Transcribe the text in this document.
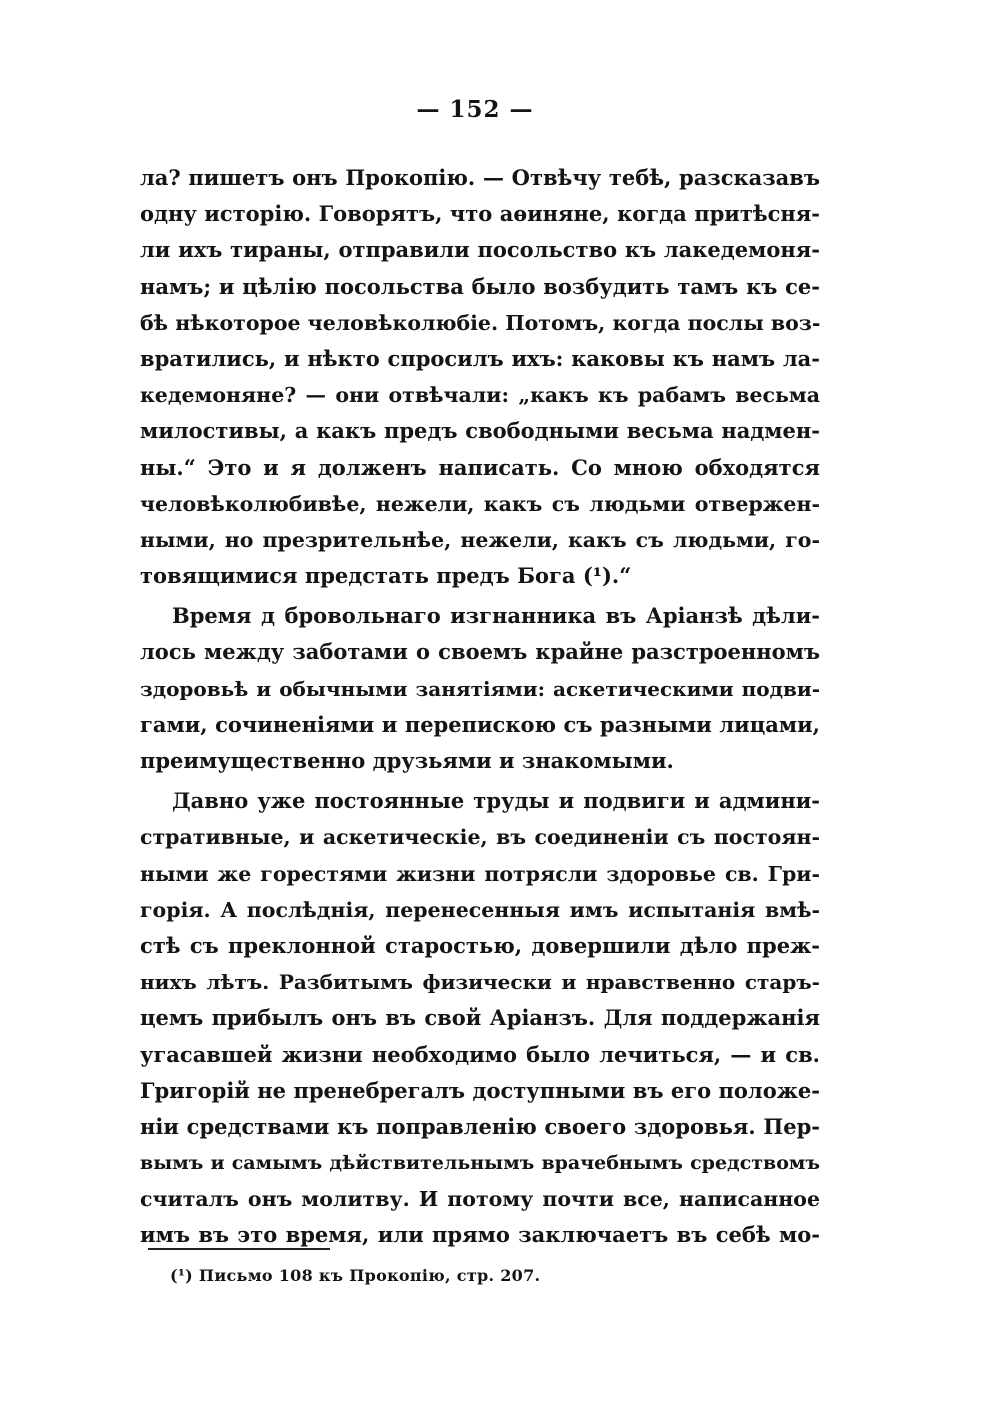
— 152 —
ла? пишетъ онъ Прокопію. — Отвѣчу тебѣ, разсказавъ
одну исторію. Говорятъ, что аѳиняне, когда притѣсня-
ли ихъ тираны, отправили посольство къ лакедемоня-
намъ; и цѣлію посольства было возбудить тамъ къ се-
бѣ нѣкоторое человѣколюбіе. Потомъ, когда послы воз-
вратились, и нѣкто спросилъ ихъ: каковы къ намъ ла-
кедемоняне? — они отвѣчали: „какъ къ рабамъ весьма
милостивы, а какъ предъ свободными весьма надмен-
ны.“ Это и я долженъ написать. Со мною обходятся
человѣколюбивѣе, нежели, какъ съ людьми отвержен-
ными, но презрительнѣе, нежели, какъ съ людьми, го-
товящимися предстать предъ Бога (¹).“
Время д бровольнаго изгнанника въ Аріанзѣ дѣли-
лось между заботами о своемъ крайне разстроенномъ
здоровьѣ и обычными занятіями: аскетическими подви-
гами, сочиненіями и перепискою съ разными лицами,
преимущественно друзьями и знакомыми.
Давно уже постоянные труды и подвиги и админи-
стративные, и аскетическіе, въ соединеніи съ постоян-
ными же горестями жизни потрясли здоровье св. Гри-
горія. А послѣднія, перенесенныя имъ испытанія вмѣ-
стѣ съ преклонной старостью, довершили дѣло преж-
нихъ лѣтъ. Разбитымъ физически и нравственно старъ-
цемъ прибылъ онъ въ свой Аріанзъ. Для поддержанія
угасавшей жизни необходимо было лечиться, — и св.
Григорій не пренебрегалъ доступными въ его положе-
ніи средствами къ поправленію своего здоровья. Пер-
вымъ и самымъ дѣйствительнымъ врачебнымъ средствомъ
считалъ онъ молитву. И потому почти все, написанное
имъ въ это время, или прямо заключаетъ въ себѣ мо-
(¹) Письмо 108 къ Прокопію, стр. 207.
